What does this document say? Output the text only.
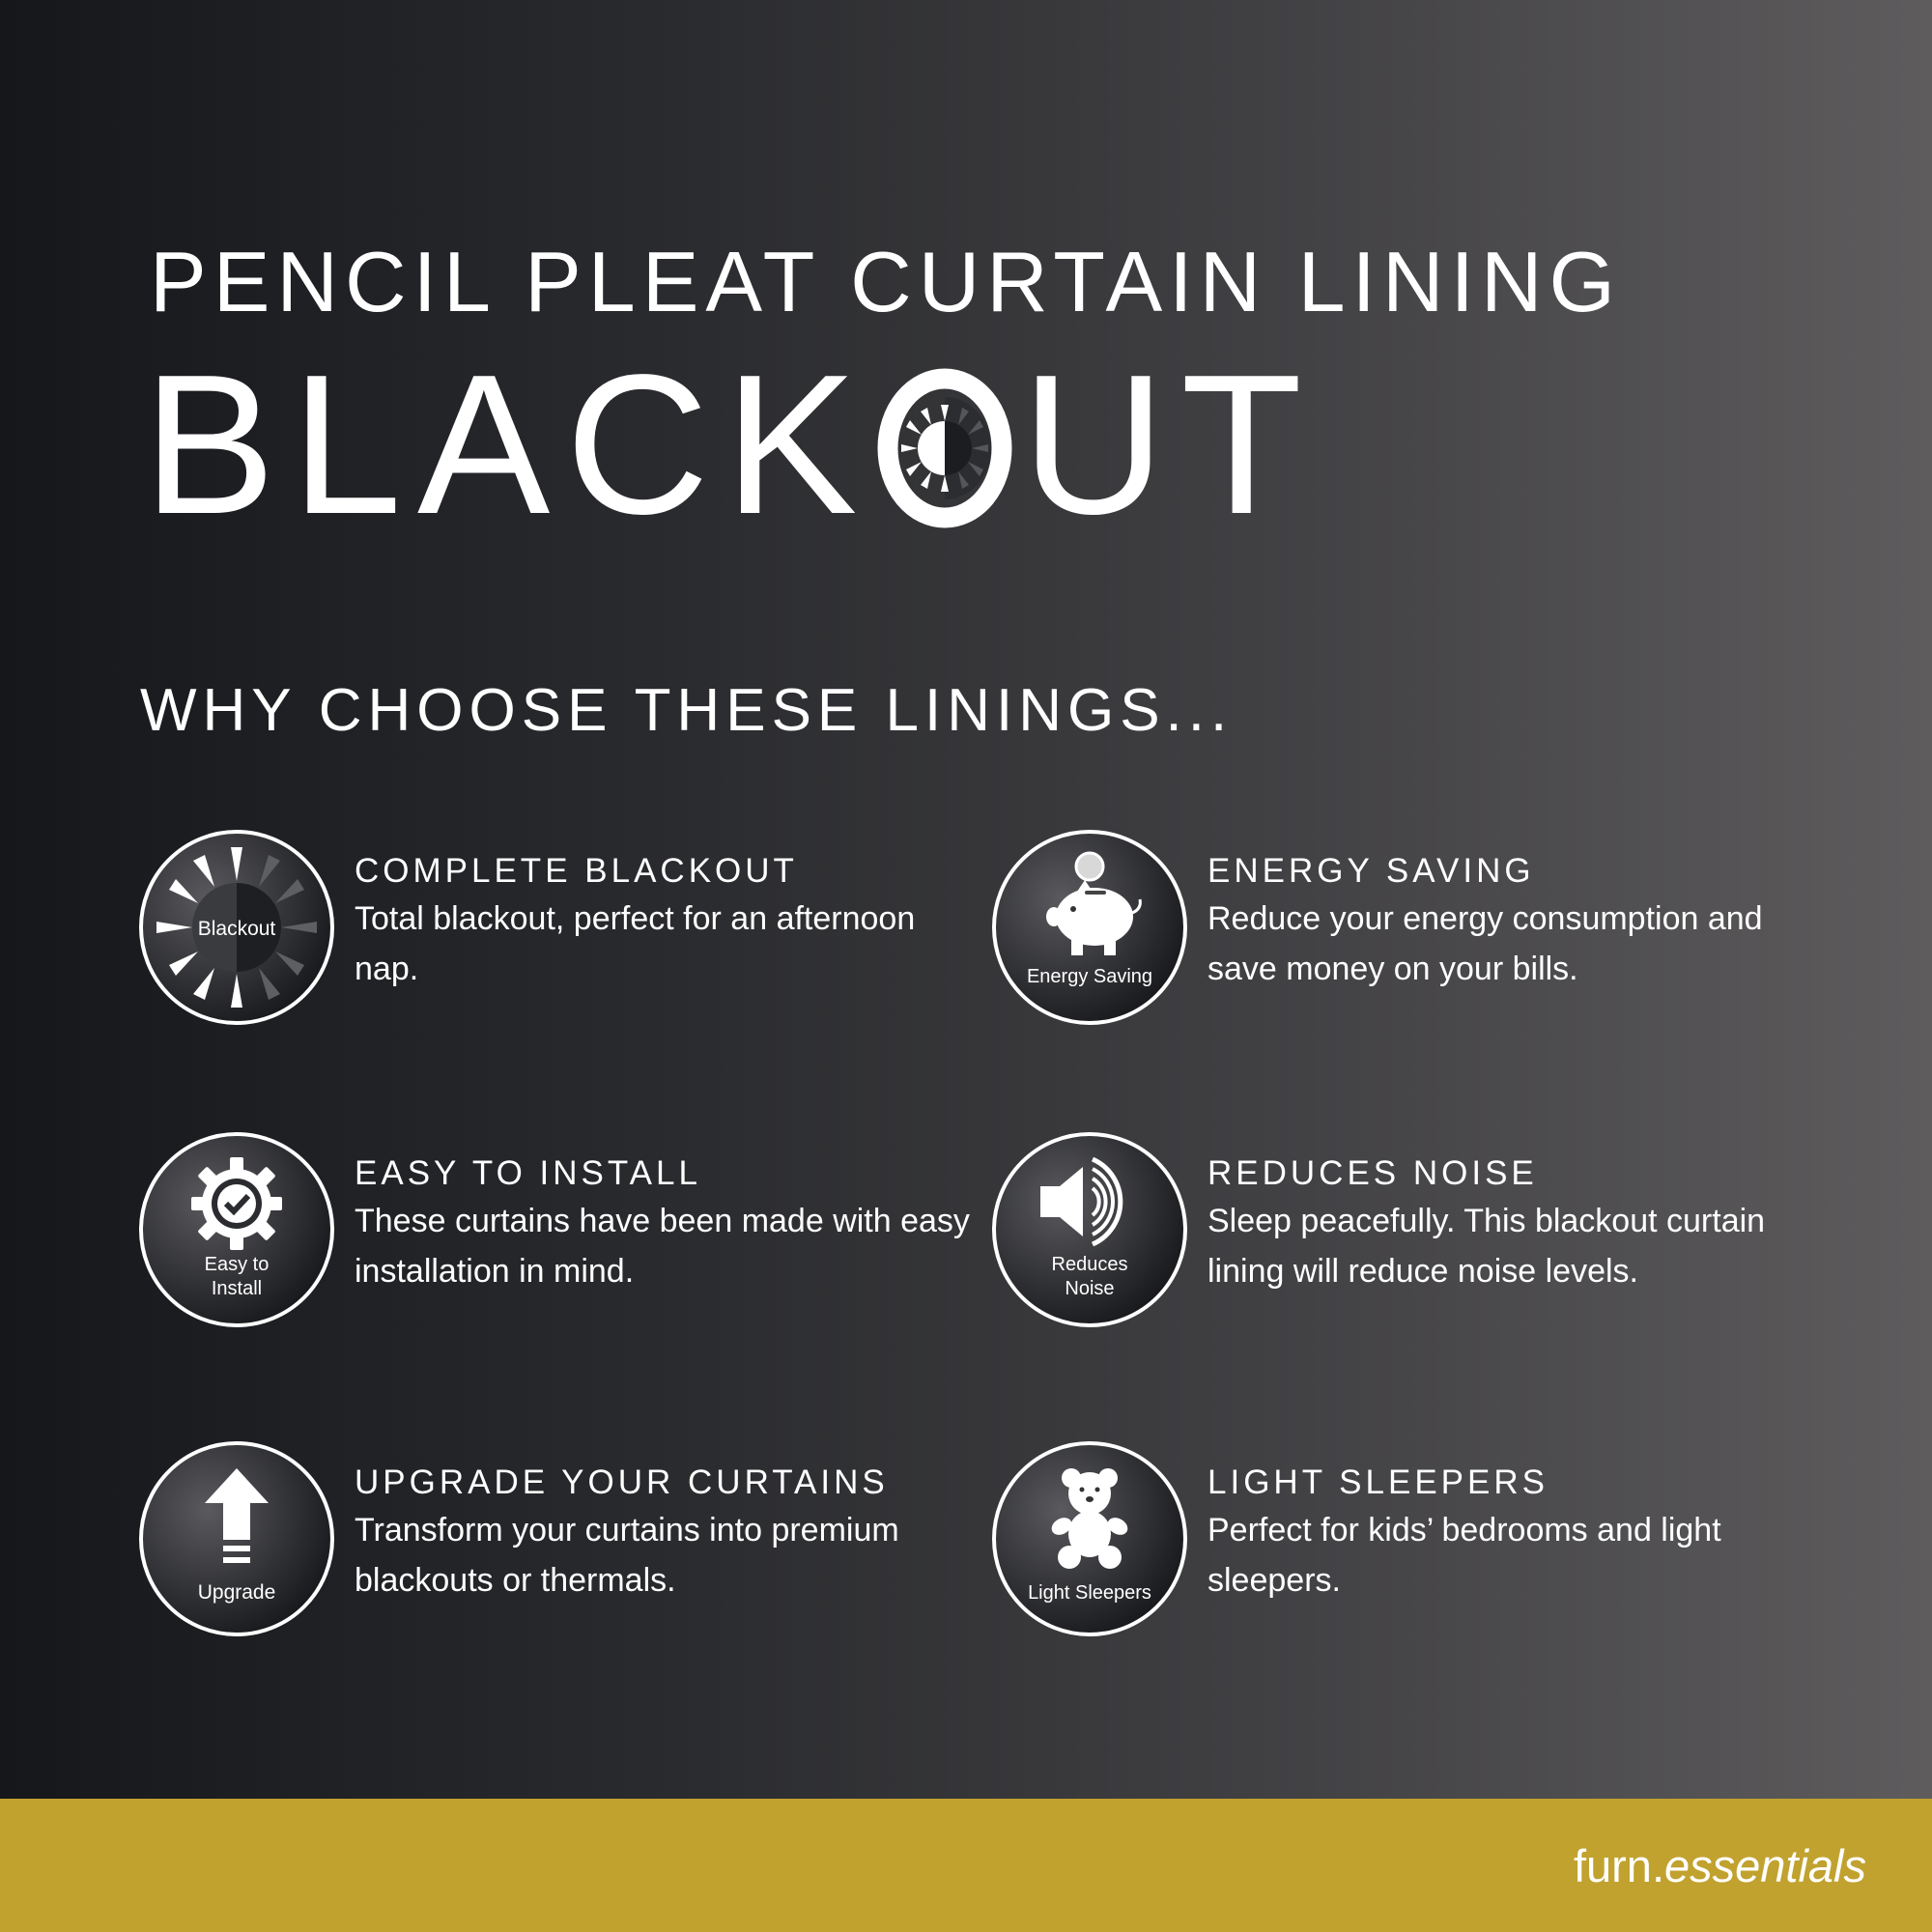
PENCIL PLEAT CURTAIN LINING
BLACK UT
WHY CHOOSE THESE LININGS...
Blackout
COMPLETE BLACKOUT
Total blackout, perfect for an afternoon nap.	Energy Saving
ENERGY SAVING
Reduce your energy consumption and save money on your bills.
Easy to
Install
EASY TO INSTALL
These curtains have been made with easy installation in mind.	Reduces
Noise
REDUCES NOISE
Sleep peacefully. This blackout curtain lining will reduce noise levels.
Upgrade
UPGRADE YOUR CURTAINS
Transform your curtains into premium blackouts or thermals.	Light Sleepers
LIGHT SLEEPERS
Perfect for kids’ bedrooms and light sleepers.
furn.essentials
